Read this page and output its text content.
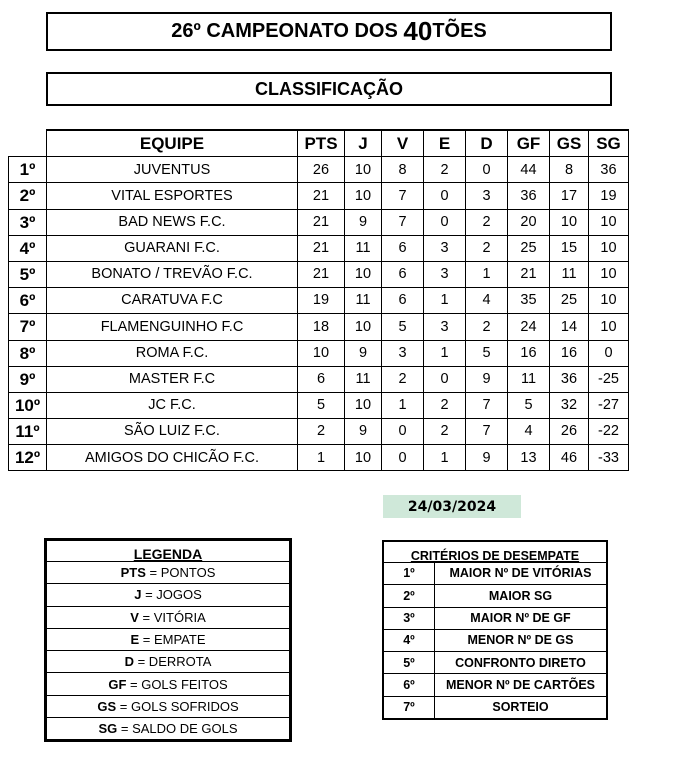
26º CAMPEONATO DOS 40 TÕES
CLASSIFICAÇÃO
	EQUIPE	PTS	J	V	E	D	GF	GS	SG
1º	JUVENTUS	26	10	8	2	0	44	8	36
2º	VITAL ESPORTES	21	10	7	0	3	36	17	19
3º	BAD NEWS F.C.	21	9	7	0	2	20	10	10
4º	GUARANI F.C.	21	11	6	3	2	25	15	10
5º	BONATO / TREVÃO F.C.	21	10	6	3	1	21	11	10
6º	CARATUVA F.C	19	11	6	1	4	35	25	10
7º	FLAMENGUINHO F.C	18	10	5	3	2	24	14	10
8º	ROMA F.C.	10	9	3	1	5	16	16	0
9º	MASTER F.C	6	11	2	0	9	11	36	-25
10º	JC F.C.	5	10	1	2	7	5	32	-27
11º	SÃO LUIZ F.C.	2	9	0	2	7	4	26	-22
12º	AMIGOS DO CHICÃO F.C.	1	10	0	1	9	13	46	-33
24/03/2024
LEGENDA
PTS = PONTOS
J = JOGOS
V = VITÓRIA
E = EMPATE
D = DERROTA
GF = GOLS FEITOS
GS = GOLS SOFRIDOS
SG = SALDO DE GOLS
CRITÉRIOS DE DESEMPATE	
1º	MAIOR Nº DE VITÓRIAS
2º	MAIOR SG
3º	MAIOR Nº DE GF
4º	MENOR Nº DE GS
5º	CONFRONTO DIRETO
6º	MENOR Nº DE CARTÕES
7º	SORTEIO
